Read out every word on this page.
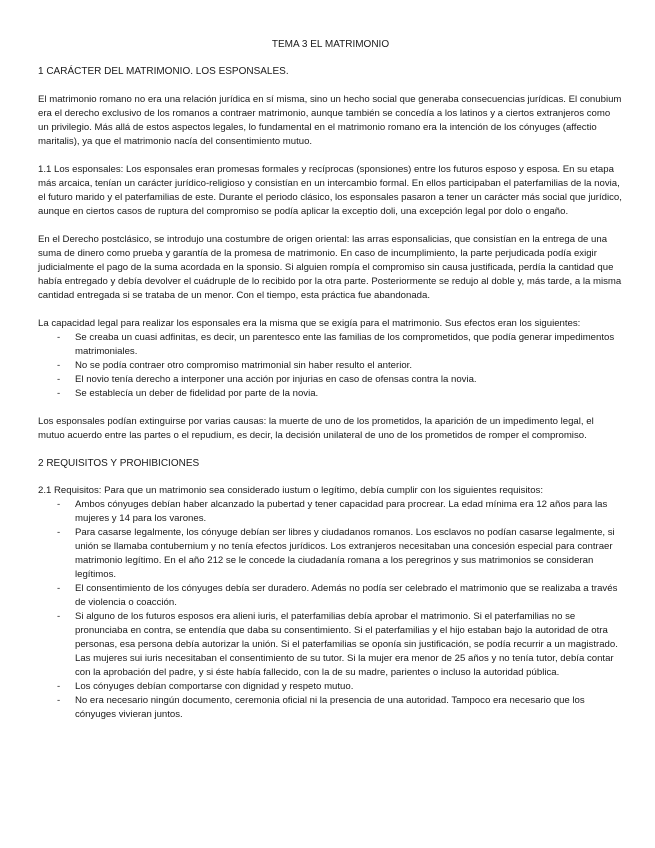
TEMA 3 EL MATRIMONIO
1 CARÁCTER DEL MATRIMONIO. LOS ESPONSALES.

El matrimonio romano no era una relación jurídica en sí misma, sino un hecho social que generaba consecuencias jurídicas. El conubium era el derecho exclusivo de los romanos a contraer matrimonio, aunque también se concedía a los latinos y a ciertos extranjeros como un privilegio. Más allá de estos aspectos legales, lo fundamental en el matrimonio romano era la intención de los cónyuges (affectio maritalis), ya que el matrimonio nacía del consentimiento mutuo.

1.1 Los esponsales: Los esponsales eran promesas formales y recíprocas (sponsiones) entre los futuros esposo y esposa. En su etapa más arcaica, tenían un carácter jurídico-religioso y consistían en un intercambio formal. En ellos participaban el paterfamilias de la novia, el futuro marido y el paterfamilias de este. Durante el periodo clásico, los esponsales pasaron a tener un carácter más social que jurídico, aunque en ciertos casos de ruptura del compromiso se podía aplicar la exceptio doli, una excepción legal por dolo o engaño.

En el Derecho postclásico, se introdujo una costumbre de origen oriental: las arras esponsalicias, que consistían en la entrega de una suma de dinero como prueba y garantía de la promesa de matrimonio. En caso de incumplimiento, la parte perjudicada podía exigir judicialmente el pago de la suma acordada en la sponsio. Si alguien rompía el compromiso sin causa justificada, perdía la cantidad que había entregado y debía devolver el cuádruple de lo recibido por la otra parte. Posteriormente se redujo al doble y, más tarde, a la misma cantidad entregada si se trataba de un menor. Con el tiempo, esta práctica fue abandonada.

La capacidad legal para realizar los esponsales era la misma que se exigía para el matrimonio. Sus efectos eran los siguientes:

- Se creaba un cuasi adfinitas, es decir, un parentesco ente las familias de los comprometidos, que podía generar impedimentos matrimoniales.
- No se podía contraer otro compromiso matrimonial sin haber resulto el anterior.
- El novio tenía derecho a interponer una acción por injurias en caso de ofensas contra la novia.
- Se establecía un deber de fidelidad por parte de la novia.

Los esponsales podían extinguirse por varias causas: la muerte de uno de los prometidos, la aparición de un impedimento legal, el mutuo acuerdo entre las partes o el repudium, es decir, la decisión unilateral de uno de los prometidos de romper el compromiso.

2 REQUISITOS Y PROHIBICIONES

2.1 Requisitos: Para que un matrimonio sea considerado iustum o legítimo, debía cumplir con los siguientes requisitos:

- Ambos cónyuges debían haber alcanzado la pubertad y tener capacidad para procrear. La edad mínima era 12 años para las mujeres y 14 para los varones.
- Para casarse legalmente, los cónyuge debían ser libres y ciudadanos romanos. Los esclavos no podían casarse legalmente, si unión se llamaba contubernium y no tenía efectos jurídicos. Los extranjeros necesitaban una concesión especial para contraer matrimonio legítimo. En el año 212 se le concede la ciudadanía romana a los peregrinos y sus matrimonios se consideran legítimos.
- El consentimiento de los cónyuges debía ser duradero. Además no podía ser celebrado el matrimonio que se realizaba a través de violencia o coacción.
- Si alguno de los futuros esposos era alieni iuris, el paterfamilias debía aprobar el matrimonio. Si el paterfamilias no se pronunciaba en contra, se entendía que daba su consentimiento. Si el paterfamilias y el hijo estaban bajo la autoridad de otra personas, esa persona debía autorizar la unión. Si el paterfamilias se oponía sin justificación, se podía recurrir a un magistrado. Las mujeres sui iuris necesitaban el consentimiento de su tutor. Si la mujer era menor de 25 años y no tenía tutor, debía contar con la aprobación del padre, y si éste había fallecido, con la de su madre, parientes o incluso la autoridad pública.
- Los cónyuges debían comportarse con dignidad y respeto mutuo.
- No era necesario ningún documento, ceremonia oficial ni la presencia de una autoridad. Tampoco era necesario que los cónyuges vivieran juntos.
